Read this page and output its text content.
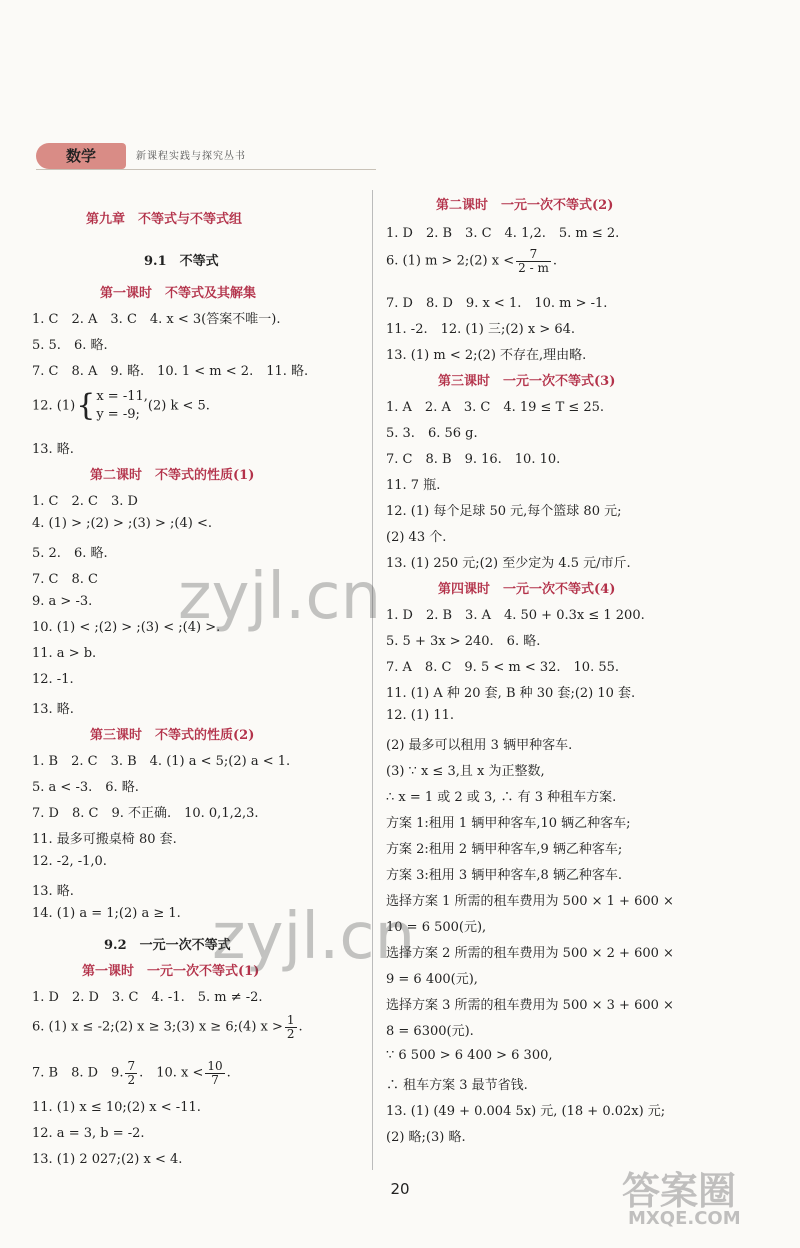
数学	新课程实践与探究丛书
第九章　不等式与不等式组
9.1　不等式
第一课时　不等式及其解集
1. C　2. A　3. C　4. x < 3(答案不唯一).
5. 5.　6. 略.
7. C　8. A　9. 略.　10. 1 < m < 2.　11. 略.
12. (1){ x = -11,
y = -9;
(2) k < 5.
13. 略.
第二课时　不等式的性质(1)
1. C　2. C　3. D
4. (1) > ;(2) > ;(3) > ;(4) <.
5. 2.　6. 略.
7. C　8. C
9. a > -3.
10. (1) < ;(2) > ;(3) < ;(4) >.
11. a > b.
12. -1.
13. 略.
第三课时　不等式的性质(2)
1. B　2. C　3. B　4. (1) a < 5;(2) a < 1.
5. a < -3.　6. 略.
7. D　8. C　9. 不正确.　10. 0,1,2,3.
11. 最多可搬桌椅 80 套.
12. -2, -1,0.
13. 略.
14. (1) a = 1;(2) a ≥ 1.
9.2　一元一次不等式
第一课时　一元一次不等式(1)
1. D　2. D　3. C　4. -1.　5. m ≠ -2.
6. (1) x ≤ -2;(2) x ≥ 3;(3) x ≥ 6;(4) $x > \frac{1}{2}$ .
7. B　8. D　9. $\frac{7}{2}$ .　10. $x < \frac{10}{7}$ .
11. (1) x ≤ 10;(2) x < -11.
12. a = 3, b = -2.
13. (1) 2 027;(2) x < 4.
第二课时　一元一次不等式(2)
1. D　2. B　3. C　4. 1,2.　5. m ≤ 2.
6. (1) m > 2;(2) $x < \frac{7}{2 - m}$ .
7. D　8. D　9. x < 1.　10. m > -1.
11. -2.　12. (1) 三;(2) x > 64.
13. (1) m < 2;(2) 不存在,理由略.
第三课时　一元一次不等式(3)
1. A　2. A　3. C　4. 19 ≤ T ≤ 25.
5. 3.　6. 56 g.
7. C　8. B　9. 16.　10. 10.
11. 7 瓶.
12. (1) 每个足球 50 元,每个篮球 80 元;
(2) 43 个.
13. (1) 250 元;(2) 至少定为 4.5 元/市斤.
第四课时　一元一次不等式(4)
1. D　2. B　3. A　4. 50 + 0.3x ≤ 1 200.
5. 5 + 3x > 240.　6. 略.
7. A　8. C　9. 5 < m < 32.　10. 55.
11. (1) A 种 20 套, B 种 30 套;(2) 10 套.
12. (1) 11.
(2) 最多可以租用 3 辆甲种客车.
(3) ∵ x ≤ 3,且 x 为正整数,
∴ x = 1 或 2 或 3, ∴ 有 3 种租车方案.
方案 1:租用 1 辆甲种客车,10 辆乙种客车;
方案 2:租用 2 辆甲种客车,9 辆乙种客车;
方案 3:租用 3 辆甲种客车,8 辆乙种客车.
选择方案 1 所需的租车费用为 500 × 1 + 600 ×
10 = 6 500(元),
选择方案 2 所需的租车费用为 500 × 2 + 600 ×
9 = 6 400(元),
选择方案 3 所需的租车费用为 500 × 3 + 600 ×
8 = 6300(元).
∵ 6 500 > 6 400 > 6 300,
∴ 租车方案 3 最节省钱.
13. (1) (49 + 0.004 5x) 元, (18 + 0.02x) 元;
(2) 略;(3) 略.
20
zyjl.cn
zyjl.cn
答案圈
MXQE.COM
